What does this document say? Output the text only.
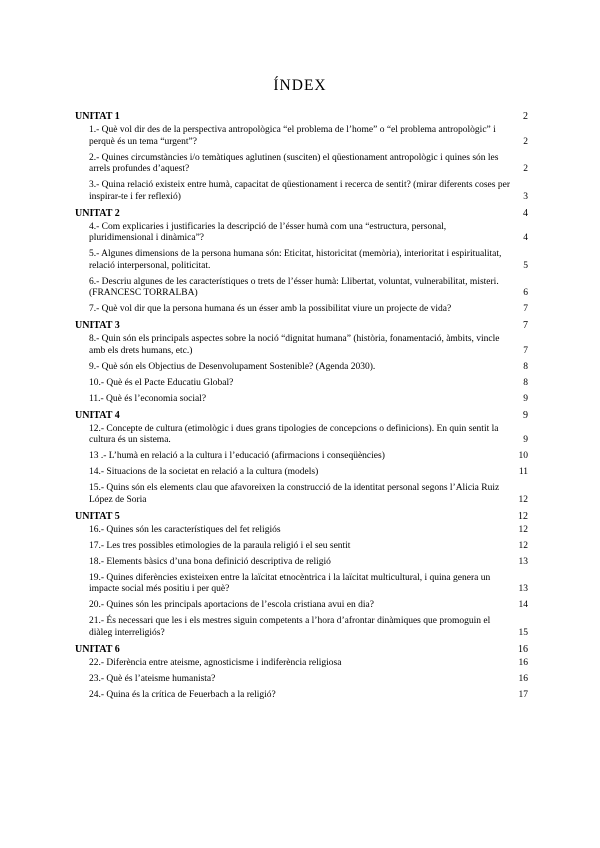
ÍNDEX
UNITAT 1	2
1.- Què vol dir des de la perspectiva antropològica “el problema de l’home” o “el problema antropològic” i perquè és un tema “urgent”?	2
2.- Quines circumstàncies i/o temàtiques aglutinen (susciten) el qüestionament antropològic i quines són les arrels profundes d’aquest?	2
3.- Quina relació existeix entre humà, capacitat de qüestionament i recerca de sentit? (mirar diferents coses per inspirar-te i fer reflexió)	3
UNITAT 2	4
4.- Com explicaries i justificaries la descripció de l’ésser humà com una “estructura, personal, pluridimensional i dinàmica”?	4
5.- Algunes dimensions de la persona humana són: Eticitat, historicitat (memòria), interioritat i espiritualitat, relació interpersonal, politicitat.	5
6.- Descriu algunes de les característiques o trets de l’ésser humà: Llibertat, voluntat, vulnerabilitat, misteri. (FRANCESC TORRALBA)	6
7.- Què vol dir que la persona humana és un ésser amb la possibilitat viure un projecte de vida?	7
UNITAT 3	7
8.- Quin són els principals aspectes sobre la noció “dignitat humana” (història, fonamentació, àmbits, vincle amb els drets humans, etc.)	7
9.- Què són els Objectius de Desenvolupament Sostenible? (Agenda 2030).	8
10.- Què és el Pacte Educatiu Global?	8
11.- Què és l’economia social?	9
UNITAT 4	9
12.- Concepte de cultura (etimològic i dues grans tipologies de concepcions o definicions). En quin sentit la cultura és un sistema.	9
13 .- L’humà en relació a la cultura i l’educació (afirmacions i conseqüències)	10
14.- Situacions de la societat en relació a la cultura (models)	11
15.- Quins són els elements clau que afavoreixen la construcció de la identitat personal segons l’Alicia Ruiz López de Soria	12
UNITAT 5	12
16.- Quines són les característiques del fet religiós	12
17.- Les tres possibles etimologies de la paraula religió i el seu sentit	12
18.- Elements bàsics d’una bona definició descriptiva de religió	13
19.- Quines diferències existeixen entre la laïcitat etnocèntrica i la laïcitat multicultural, i quina genera un impacte social més positiu i per què?	13
20.- Quines són les principals aportacions de l’escola cristiana avui en dia?	14
21.- És necessari que les i els mestres siguin competents a l’hora d’afrontar dinàmiques que promoguin el diàleg interreligiós?	15
UNITAT 6	16
22.- Diferència entre ateisme, agnosticisme i indiferència religiosa	16
23.- Què és l’ateisme humanista?	16
24.- Quina és la crítica de Feuerbach a la religió?	17
